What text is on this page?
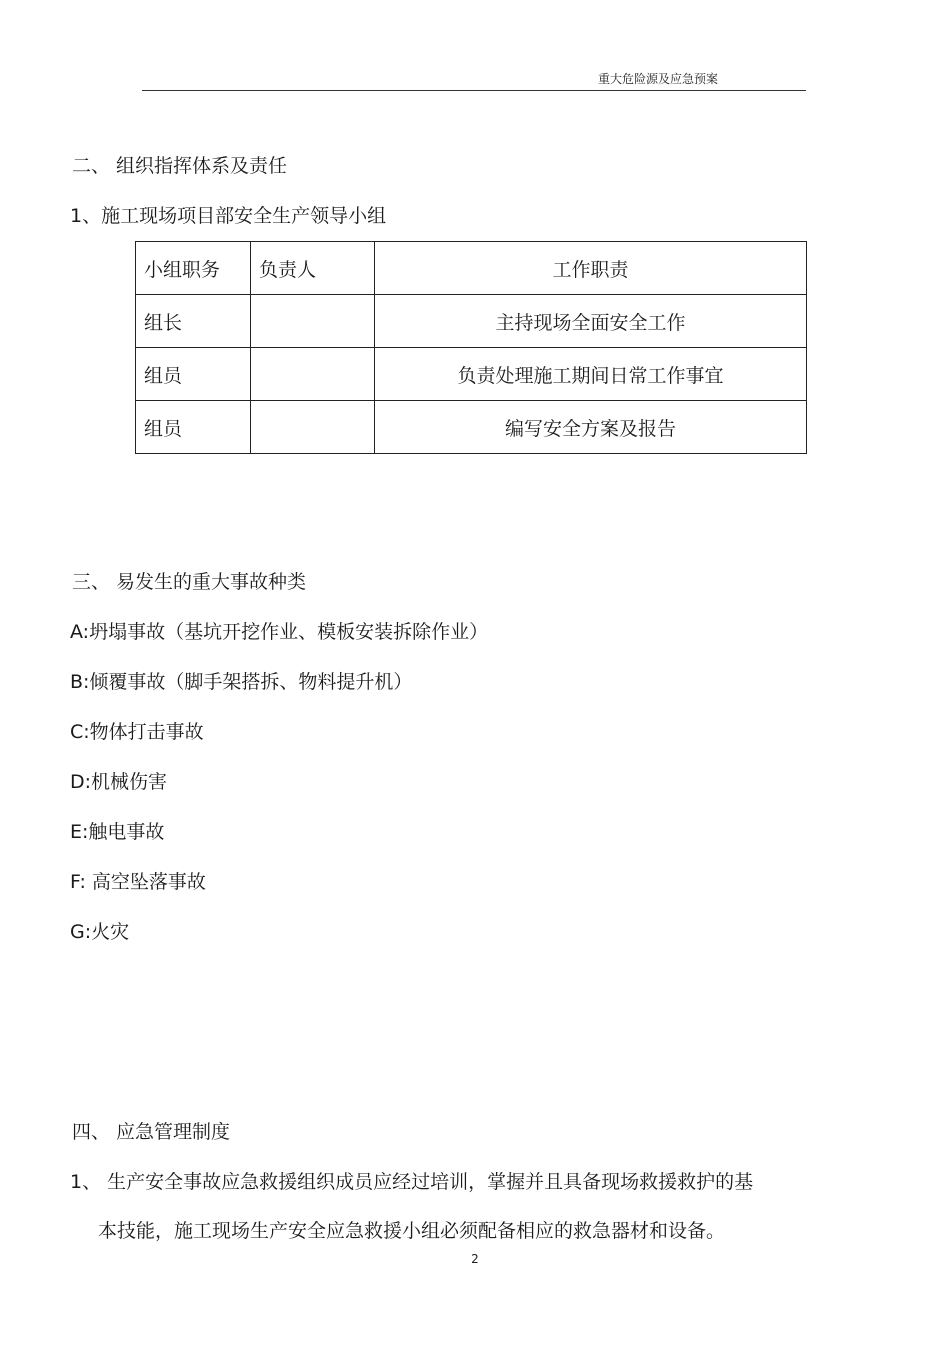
重大危险源及应急预案
二、 组织指挥体系及责任
1、施工现场项目部安全生产领导小组
小组职务	负责人	工作职责

组长		主持现场全面安全工作

组员		负责处理施工期间日常工作事宜

组员		编写安全方案及报告
三、 易发生的重大事故种类
A:坍塌事故（基坑开挖作业、模板安装拆除作业）
B:倾覆事故（脚手架搭拆、物料提升机）
C:物体打击事故
D:机械伤害
E:触电事故
F: 高空坠落事故
G:火灾
四、 应急管理制度
1、 生产安全事故应急救援组织成员应经过培训，掌握并且具备现场救援救护的基
本技能，施工现场生产安全应急救援小组必须配备相应的救急器材和设备。
2
